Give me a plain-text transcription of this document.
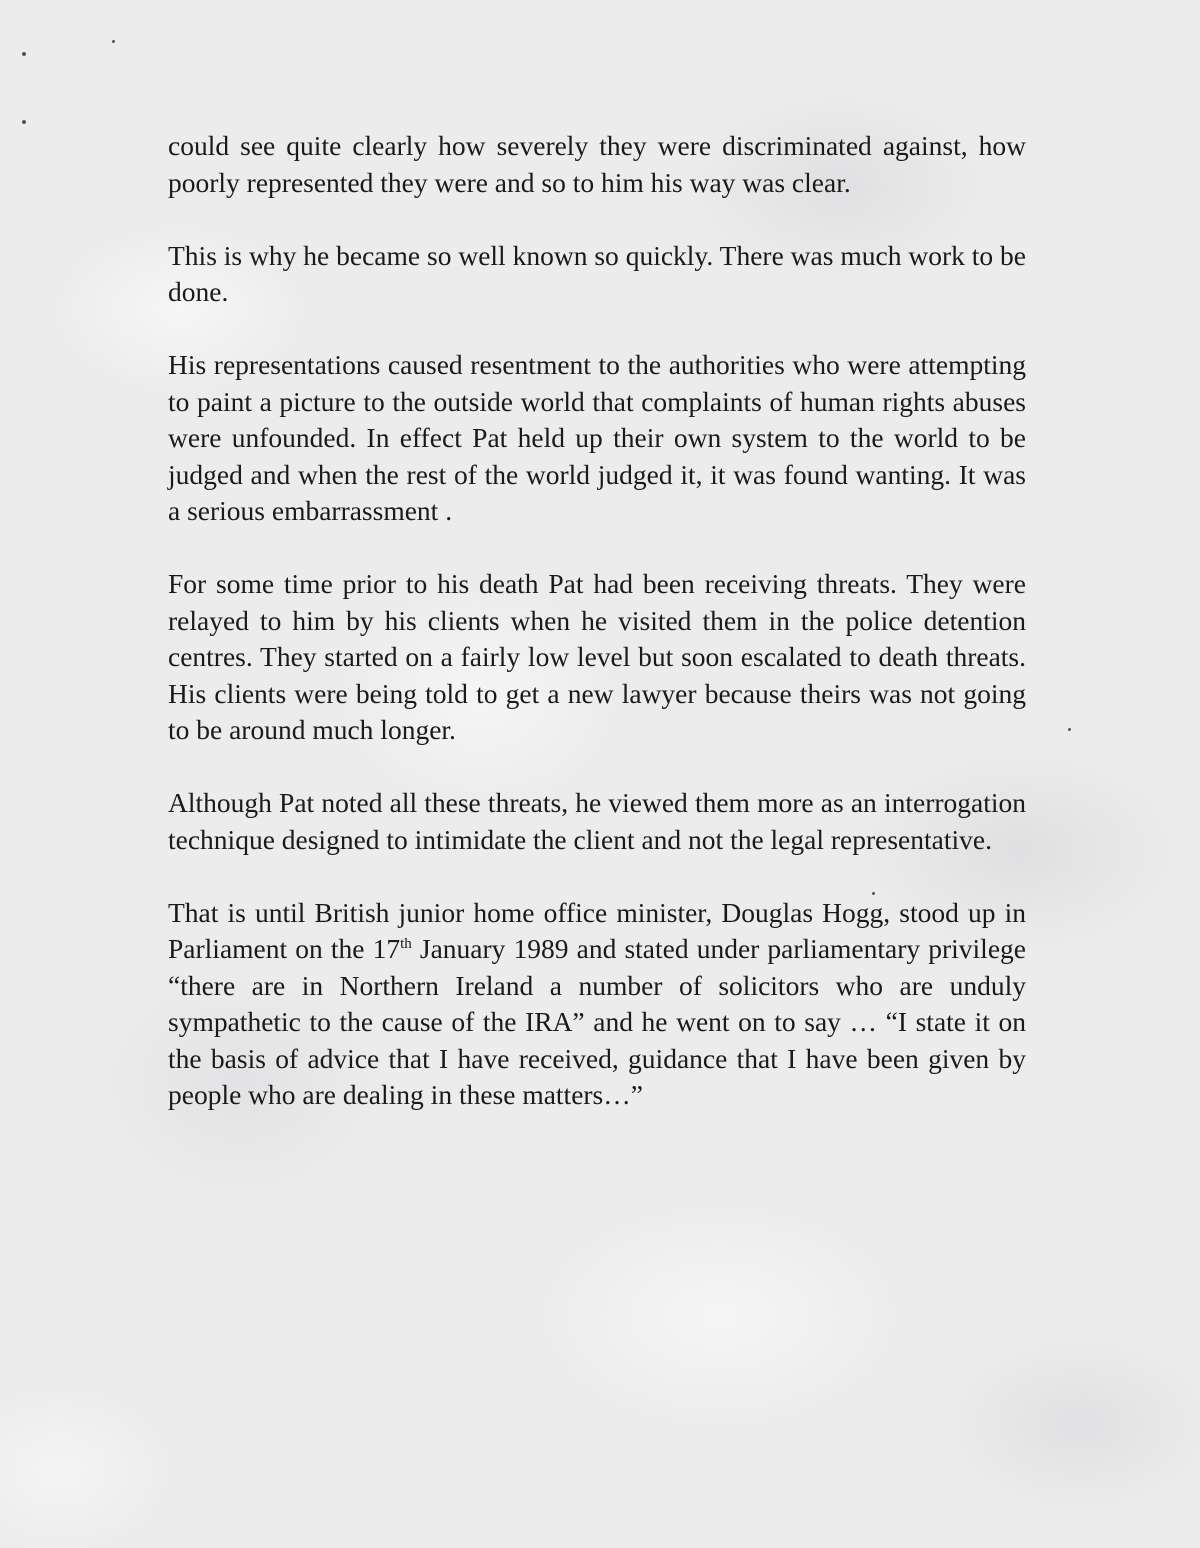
could see quite clearly how severely they were discriminated against, how poorly represented they were and so to him his way was clear.

This is why he became so well known so quickly. There was much work to be done.

His representations caused resentment to the authorities who were attempting to paint a picture to the outside world that complaints of human rights abuses were unfounded. In effect Pat held up their own system to the world to be judged and when the rest of the world judged it, it was found wanting. It was a serious embarrassment .

For some time prior to his death Pat had been receiving threats. They were relayed to him by his clients when he visited them in the police detention centres. They started on a fairly low level but soon escalated to death threats. His clients were being told to get a new lawyer because theirs was not going to be around much longer.

Although Pat noted all these threats, he viewed them more as an interrogation technique designed to intimidate the client and not the legal representative.

That is until British junior home office minister, Douglas Hogg, stood up in Parliament on the 17th January 1989 and stated under parliamentary privilege “there are in Northern Ireland a number of solicitors who are unduly sympathetic to the cause of the IRA” and he went on to say … “I state it on the basis of advice that I have received, guidance that I have been given by people who are dealing in these matters…”
